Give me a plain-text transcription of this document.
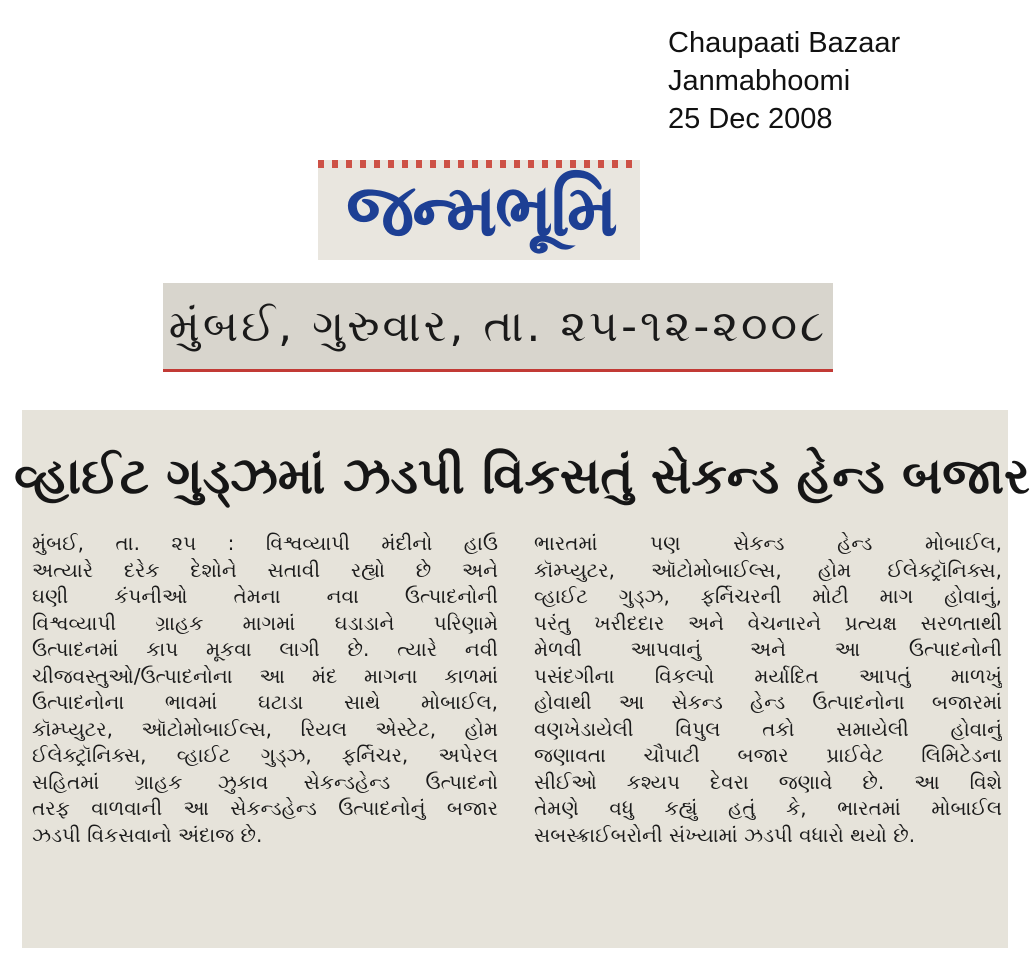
Chaupaati Bazaar
Janmabhoomi
25 Dec 2008
જન્મભૂમિ
મુંબઈ, ગુરુવાર, તા. ૨૫-૧૨-૨૦૦૮
વ્હાઈટ ગુડ્ઝમાં ઝડપી વિકસતું સેકન્ડ હેન્ડ બજાર
મુંબઈ, તા. ૨૫ : વિશ્વવ્યાપી મંદીનો હાઉ
અત્યારે દરેક દેશોને સતાવી રહ્યો છે અને
ઘણી કંપનીઓ તેમના નવા ઉત્પાદનોની
વિશ્વવ્યાપી ગ્રાહક માગમાં ઘડાડાને પરિણામે
ઉત્પાદનમાં કાપ મૂકવા લાગી છે. ત્યારે નવી
ચીજવસ્તુઓ/ઉત્પાદનોના આ મંદ માગના કાળમાં
ઉત્પાદનોના ભાવમાં ઘટાડા સાથે મોબાઈલ,
કૉમ્પ્યુટર, ઑટોમોબાઈલ્સ, રિયલ એસ્ટેટ, હોમ
ઈલેક્ટ્રૉનિક્સ, વ્હાઈટ ગુડ્ઝ, ફર્નિચર, અપેરલ
સહિતમાં ગ્રાહક ઝુકાવ સેકન્ડહેન્ડ ઉત્પાદનો
તરફ વાળવાની આ સેકન્ડહેન્ડ ઉત્પાદનોનું બજાર
ઝડપી વિકસવાનો અંદાજ છે.
ભારતમાં પણ સેકન્ડ હેન્ડ મોબાઈલ,
કૉમ્પ્યુટર, ઑટોમોબાઈલ્સ, હોમ ઈલેક્ટ્રૉનિક્સ,
વ્હાઈટ ગુડ્ઝ, ફર્નિચરની મોટી માગ હોવાનું,
પરંતુ ખરીદદાર અને વેચનારને પ્રત્યક્ષ સરળતાથી
મેળવી આપવાનું અને આ ઉત્પાદનોની
પસંદગીના વિકલ્પો મર્યાદિત આપતું માળખું
હોવાથી આ સેકન્ડ હેન્ડ ઉત્પાદનોના બજારમાં
વણખેડાયેલી વિપુલ તકો સમાયેલી હોવાનું
જણાવતા ચૌપાટી બજાર પ્રાઈવેટ લિમિટેડના
સીઈઓ કશ્યપ દેવરા જણાવે છે. આ વિશે
તેમણે વધુ કહ્યું હતું કે, ભારતમાં મોબાઈલ
સબસ્ક્રાઈબરોની સંખ્યામાં ઝડપી વધારો થયો છે.
